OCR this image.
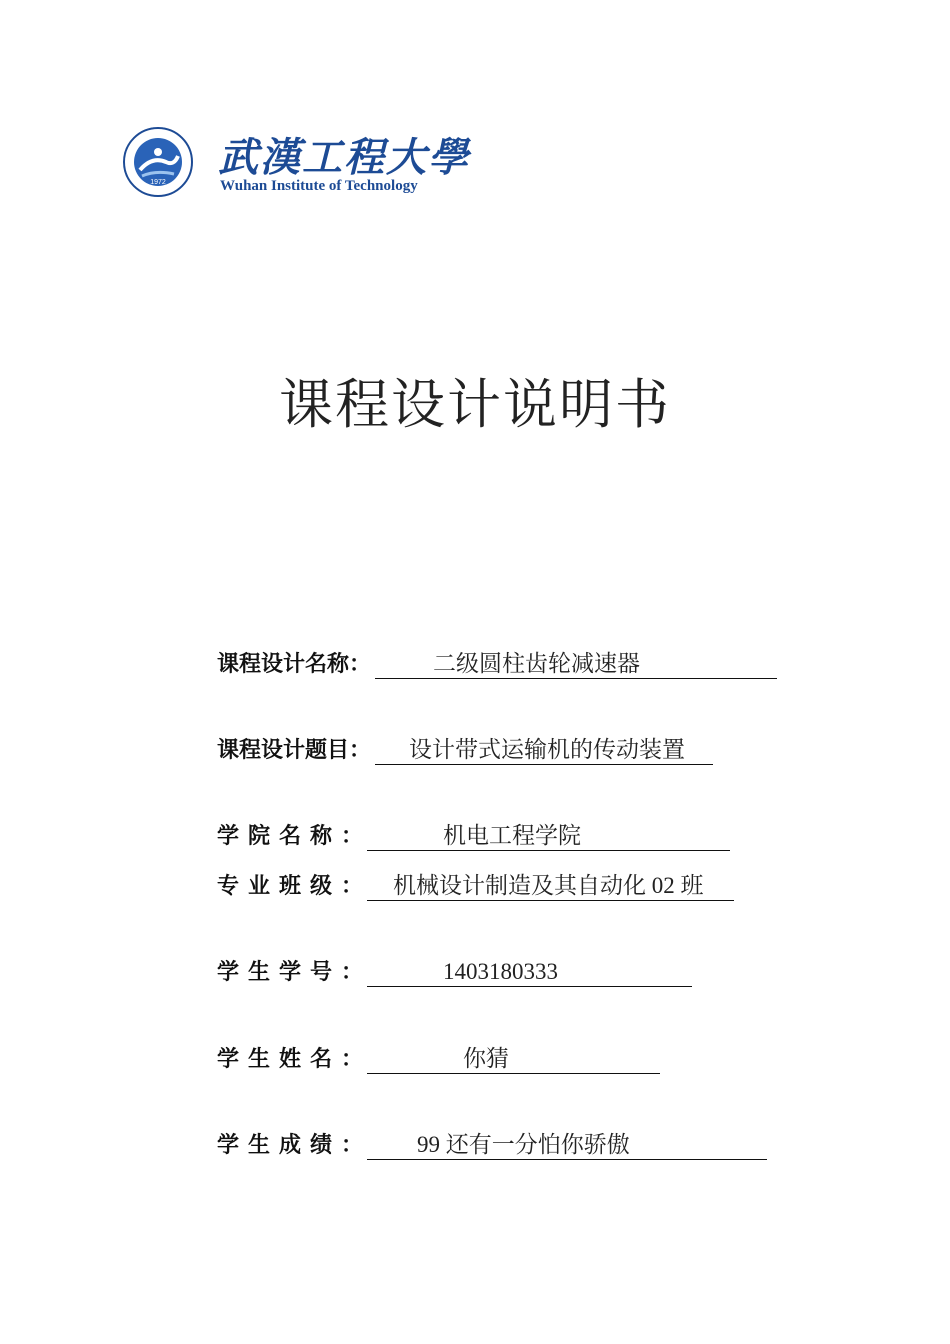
1972
武漢工程大學
Wuhan Institute of Technology
课程设计说明书
课程设计名称 ：	二级圆柱齿轮减速器
课程设计题目 ：	设计带式运输机的传动装置
学院名称 ：	机电工程学院
专业班级 ：	机械设计制造及其自动化 02 班
学生学号 ：	1403180333
学生姓名 ：	你猜
学生成绩 ：	99 还有一分怕你骄傲
